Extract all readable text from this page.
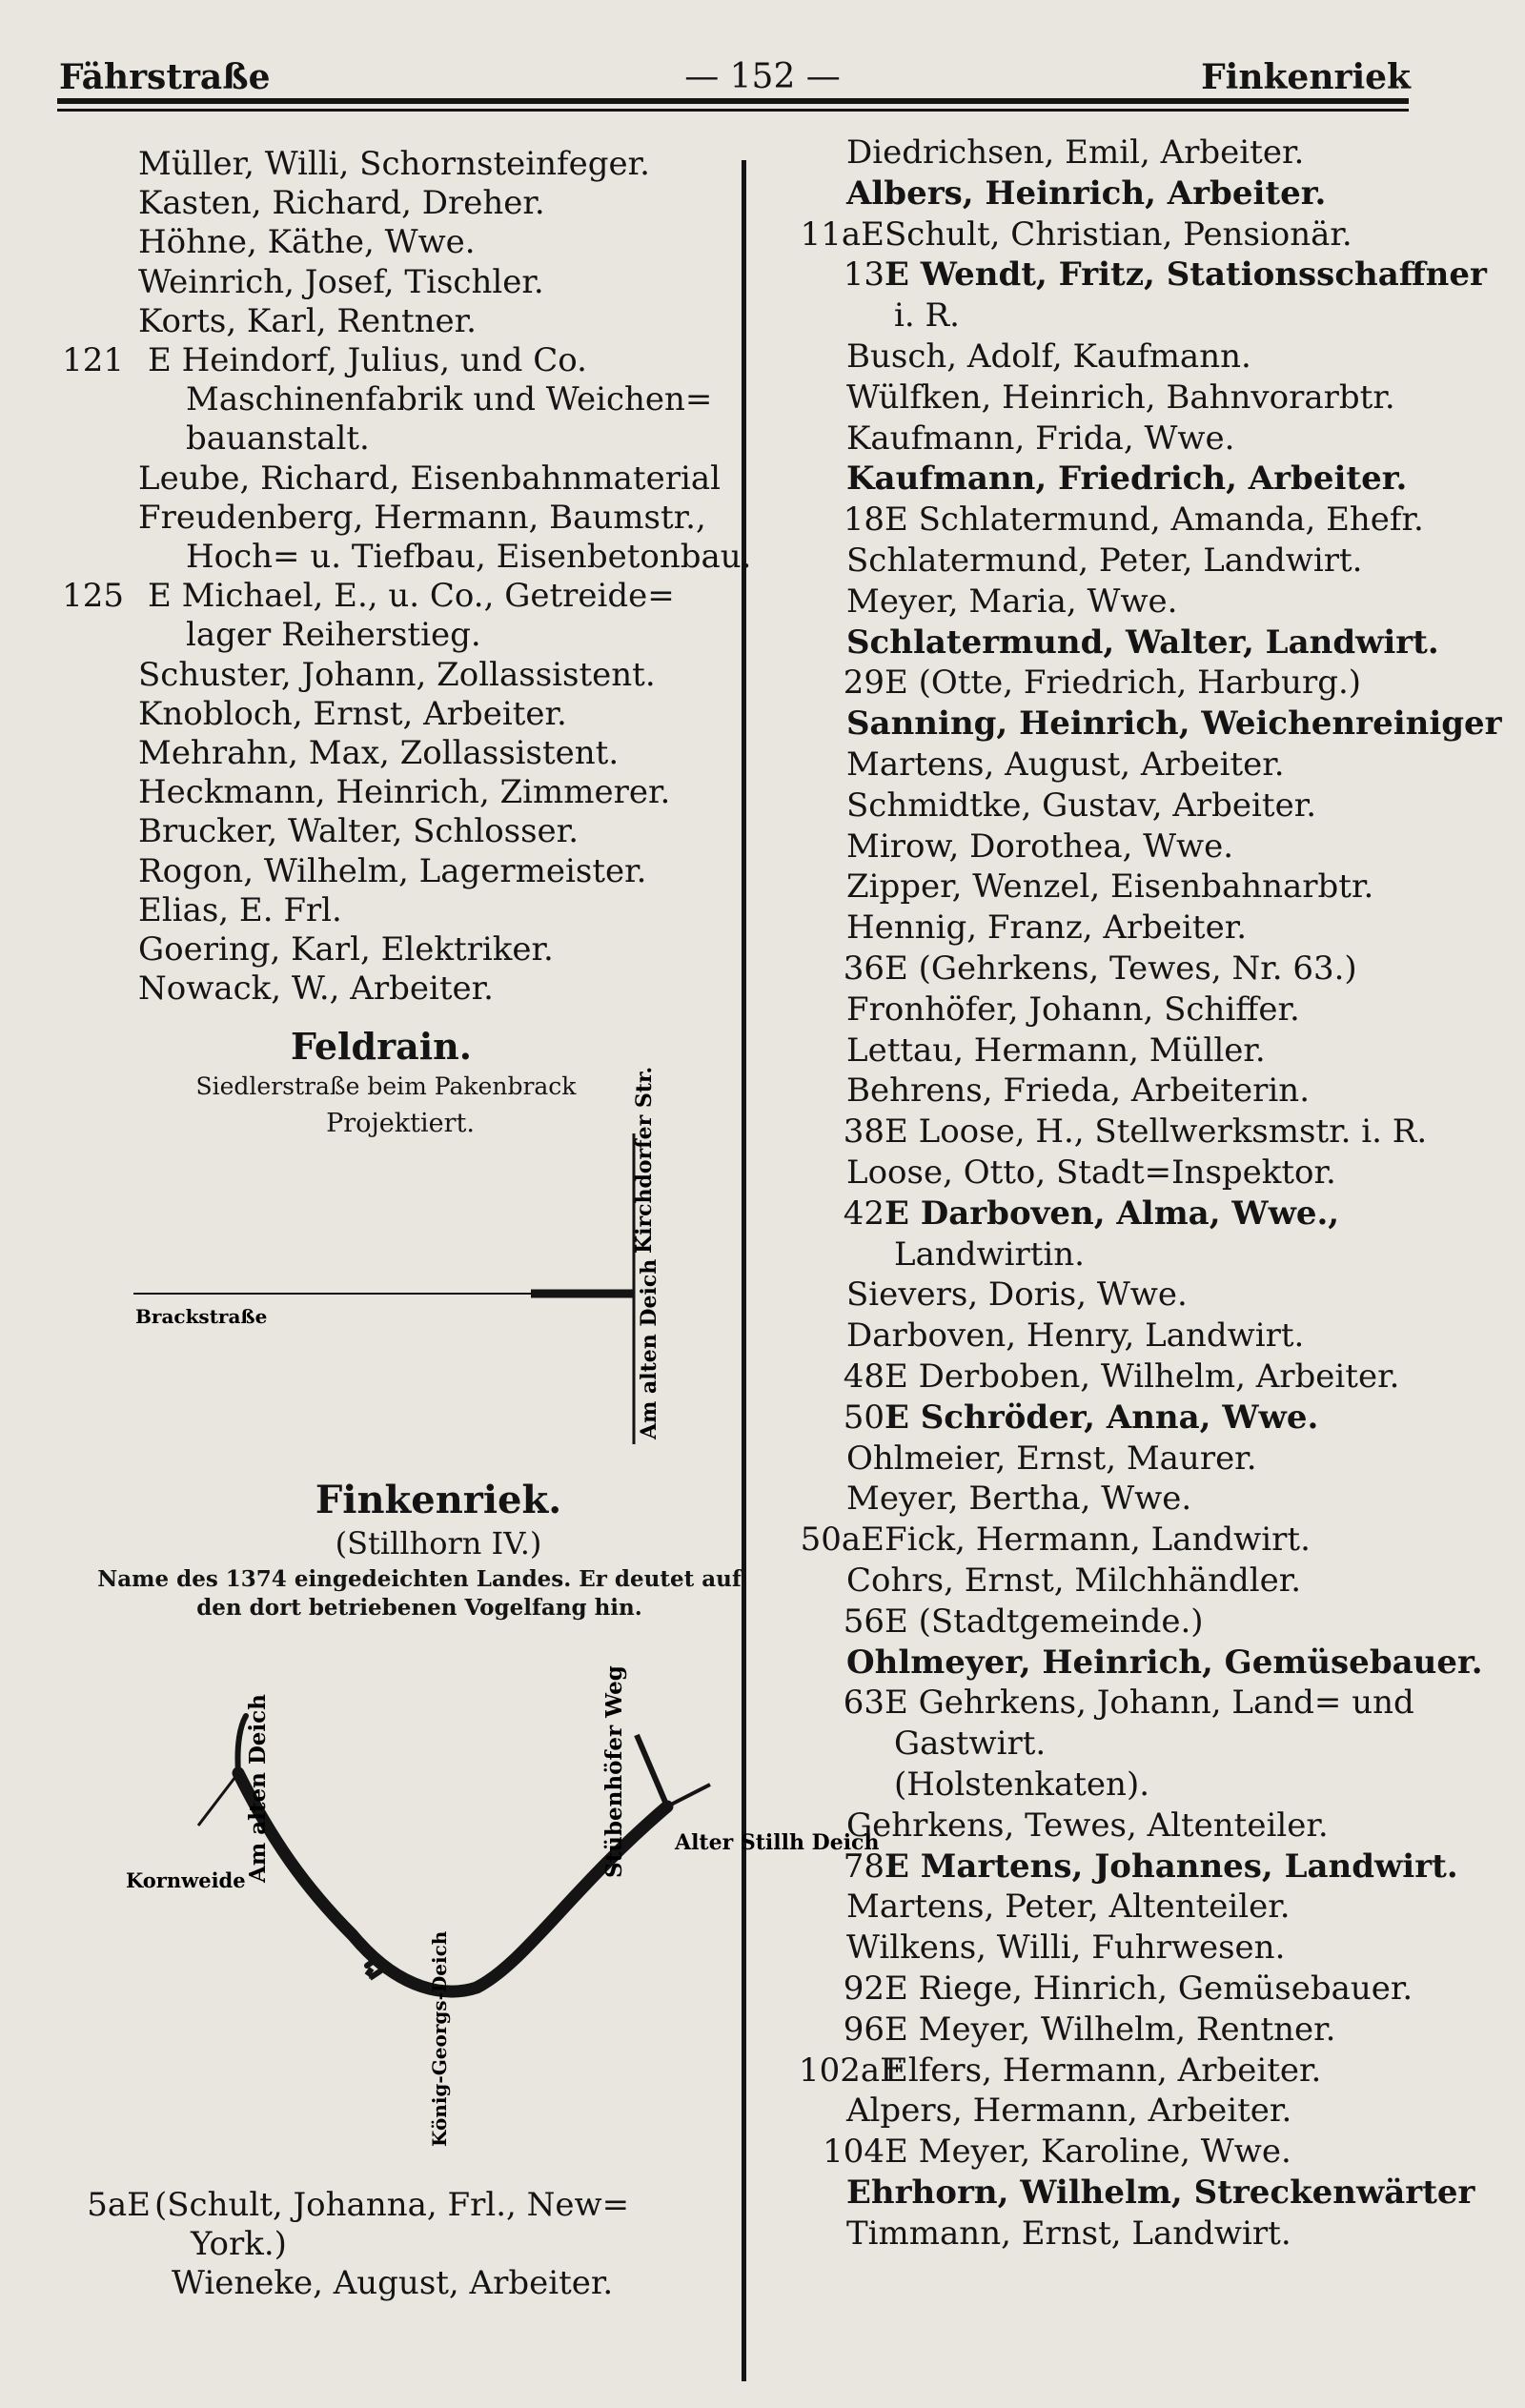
Fährstraße	— 152 —	Finkenriek
Müller, Willi, Schornsteinfeger.
Kasten, Richard, Dreher.
Höhne, Käthe, Wwe.
Weinrich, Josef, Tischler.
Korts, Karl, Rentner.
121 E Heindorf, Julius, und Co.
Maschinenfabrik und Weichen=
bauanstalt.
Leube, Richard, Eisenbahnmaterial
Freudenberg, Hermann, Baumstr.,
Hoch= u. Tiefbau, Eisenbetonbau.
125 E Michael, E., u. Co., Getreide=
lager Reiherstieg.
Schuster, Johann, Zollassistent.
Knobloch, Ernst, Arbeiter.
Mehrahn, Max, Zollassistent.
Heckmann, Heinrich, Zimmerer.
Brucker, Walter, Schlosser.
Rogon, Wilhelm, Lagermeister.
Elias, E. Frl.
Goering, Karl, Elektriker.
Nowack, W., Arbeiter.
Feldrain.
Siedlerstraße beim Pakenbrack
Projektiert.
Brackstraße
Kirchdorfer Str.
Am alten Deich
Finkenriek.
(Stillhorn IV.)
Name des 1374 eingedeichten Landes. Er deutet auf den dort betriebenen Vogelfang hin.
Am alten Deich	Stübenhöfer Weg
Kornweide
Alter Stillh Deich
König-Georgs-Deich
5aE (Schult, Johanna, Frl., New=
York.)
Wieneke, August, Arbeiter.
Diedrichsen, Emil, Arbeiter.
Albers, Heinrich, Arbeiter.
11aE Schult, Christian, Pensionär.
13 E Wendt, Fritz, Stationsschaffner
i. R.
Busch, Adolf, Kaufmann.
Wülfken, Heinrich, Bahnvorarbtr.
Kaufmann, Frida, Wwe.
Kaufmann, Friedrich, Arbeiter.
18 E Schlatermund, Amanda, Ehefr.
Schlatermund, Peter, Landwirt.
Meyer, Maria, Wwe.
Schlatermund, Walter, Landwirt.
29 E (Otte, Friedrich, Harburg.)
Sanning, Heinrich, Weichenreiniger
Martens, August, Arbeiter.
Schmidtke, Gustav, Arbeiter.
Mirow, Dorothea, Wwe.
Zipper, Wenzel, Eisenbahnarbtr.
Hennig, Franz, Arbeiter.
36 E (Gehrkens, Tewes, Nr. 63.)
Fronhöfer, Johann, Schiffer.
Lettau, Hermann, Müller.
Behrens, Frieda, Arbeiterin.
38 E Loose, H., Stellwerksmstr. i. R.
Loose, Otto, Stadt=Inspektor.
42 E Darboven, Alma, Wwe.,
Landwirtin.
Sievers, Doris, Wwe.
Darboven, Henry, Landwirt.
48 E Derboben, Wilhelm, Arbeiter.
50 E Schröder, Anna, Wwe.
Ohlmeier, Ernst, Maurer.
Meyer, Bertha, Wwe.
50aE Fick, Hermann, Landwirt.
Cohrs, Ernst, Milchhändler.
56 E (Stadtgemeinde.)
Ohlmeyer, Heinrich, Gemüsebauer.
63 E Gehrkens, Johann, Land= und
Gastwirt.
(Holstenkaten).
Gehrkens, Tewes, Altenteiler.
78 E Martens, Johannes, Landwirt.
Martens, Peter, Altenteiler.
Wilkens, Willi, Fuhrwesen.
92 E Riege, Hinrich, Gemüsebauer.
96 E Meyer, Wilhelm, Rentner.
102aF
Elfers, Hermann, Arbeiter.
Alpers, Hermann, Arbeiter.
104 E Meyer, Karoline, Wwe.
Ehrhorn, Wilhelm, Streckenwärter
Timmann, Ernst, Landwirt.
